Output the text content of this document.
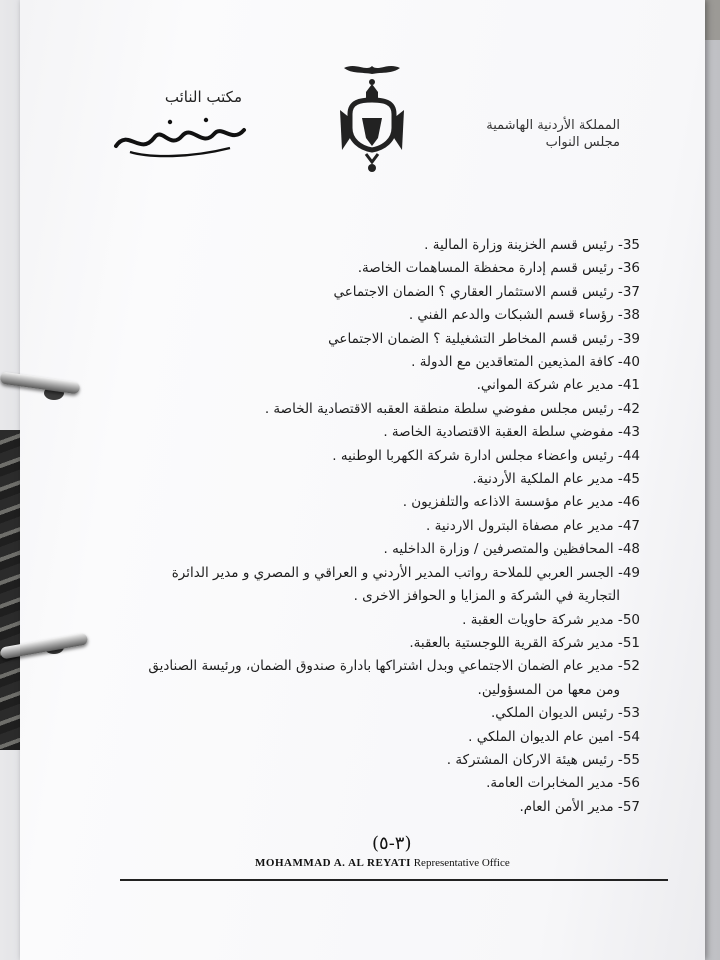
مكتب النائب
المملكة الأردنية الهاشمية
مجلس النواب
35- رئيس قسم الخزينة وزارة المالية .
36- رئيس قسم إدارة محفظة المساهمات الخاصة.
37- رئيس قسم الاستثمار العقاري ؟ الضمان الاجتماعي
38- رؤساء قسم الشبكات والدعم الفني .
39- رئيس قسم المخاطر التشغيلية ؟ الضمان الاجتماعي
40- كافة المذيعين المتعاقدين مع الدولة .
41- مدير عام شركة المواني.
42- رئيس مجلس مفوضي سلطة منطقة العقبه الاقتصادية الخاصة .
43- مفوضي سلطة العقبة الاقتصادية الخاصة .
44- رئيس واعضاء مجلس ادارة شركة الكهربا الوطنيه .
45- مدير عام الملكية الأردنية.
46- مدير عام مؤسسة الاذاعه والتلفزيون .
47- مدير عام مصفاة البترول الاردنية .
48- المحافظين والمتصرفين / وزارة الداخليه .
49- الجسر العربي للملاحة رواتب المدير الأردني و العراقي و المصري و مدير الدائرة
التجارية في الشركة و المزايا و الحوافز الاخرى .
50- مدير شركة حاويات العقبة .
51- مدير شركة القرية اللوجستية بالعقبة.
52- مدير عام الضمان الاجتماعي وبدل اشتراكها بادارة صندوق الضمان، ورئيسة الصناديق
ومن معها من المسؤولين.
53- رئيس الديوان الملكي.
54- امين عام الديوان الملكي .
55- رئيس هيئة الاركان المشتركة .
56- مدير المخابرات العامة.
57- مدير الأمن العام.
(٣-٥)
MOHAMMAD A. AL REYATI Representative Office
